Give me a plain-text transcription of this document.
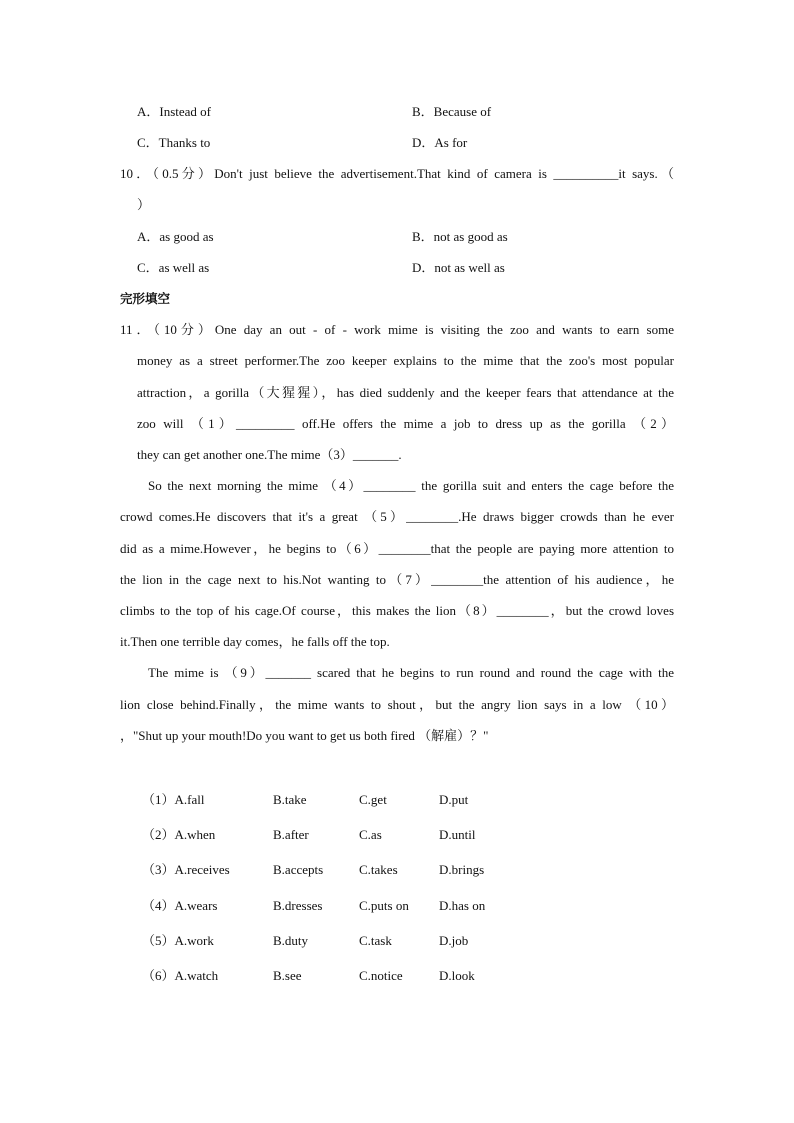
A．Instead of	B．Because of
C．Thanks to	D．As for
10．（0.5分）Don't just believe the advertisement.That kind of camera is __________it says.（
）
A．as good as	B．not as good as
C．as well as	D．not as well as
完形填空
11．（10分）One day an out - of - work mime is visiting the zoo and wants to earn some
money as a street performer.The zoo keeper explains to the mime that the zoo's most popular
attraction，a gorilla（大猩猩），has died suddenly and the keeper fears that attendance at the
zoo will （1）_________ off.He offers the mime a job to dress up as the gorilla （2）
they can get another one.The mime（3）_______.
So the next morning the mime （4）________ the gorilla suit and enters the cage before the
crowd comes.He discovers that it's a great （5）________.He draws bigger crowds than he ever
did as a mime.However，he begins to（6）________that the people are paying more attention to
the lion in the cage next to his.Not wanting to（7）________the attention of his audience，he
climbs to the top of his cage.Of course，this makes the lion（8）________，but the crowd loves
it.Then one terrible day comes，he falls off the top.
The mime is （9）_______ scared that he begins to run round and round the cage with the
lion close behind.Finally，the mime wants to shout，but the angry lion says in a low （10）
，"Shut up your mouth!Do you want to get us both fired （解雇）？"
（1）A.fall	B.take	C.get	D.put
（2）A.when	B.after	C.as	D.until
（3）A.receives	B.accepts	C.takes	D.brings
（4）A.wears	B.dresses	C.puts on D.has on
（5）A.work	B.duty	C.task	D.job
（6）A.watch	B.see	C.notice	D.look
